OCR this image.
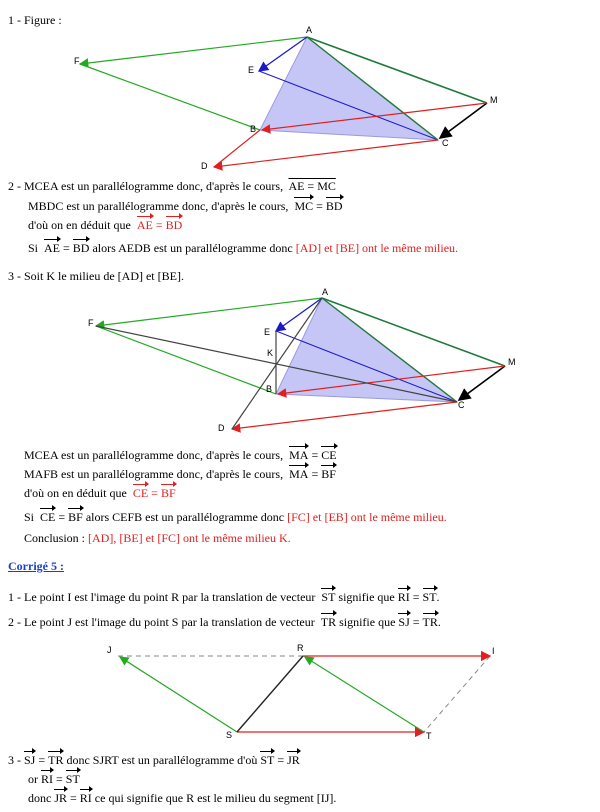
1 - Figure :
A
E
F
M
B
C
D
2 - MCEA est un parallélogramme donc, d'après le cours, AE = MC
MBDC est un parallélogramme donc, d'après le cours, MC = BD
d'où on en déduit que AE = BD
Si AE = BD alors AEDB est un parallélogramme donc [AD] et [BE] ont le même milieu.
3 - Soit K le milieu de [AD] et [BE].
A
F
E
K
M
B
C
D
MCEA est un parallélogramme donc, d'après le cours, MA = CE
MAFB est un parallélogramme donc, d'après le cours, MA = BF
d'où on en déduit que CE = BF
Si CE = BF alors CEFB est un parallélogramme donc [FC] et [EB] ont le même milieu.
Conclusion : [AD], [BE] et [FC] ont le même milieu K.
Corrigé 5 :
1 - Le point I est l'image du point R par la translation de vecteur ST signifie que RI = ST.
2 - Le point J est l'image du point S par la translation de vecteur TR signifie que SJ = TR.
J	R	I
S	T
3 - SJ = TR donc SJRT est un parallélogramme d'où ST = JR
or RI = ST
donc JR = RI ce qui signifie que R est le milieu du segment [IJ].
